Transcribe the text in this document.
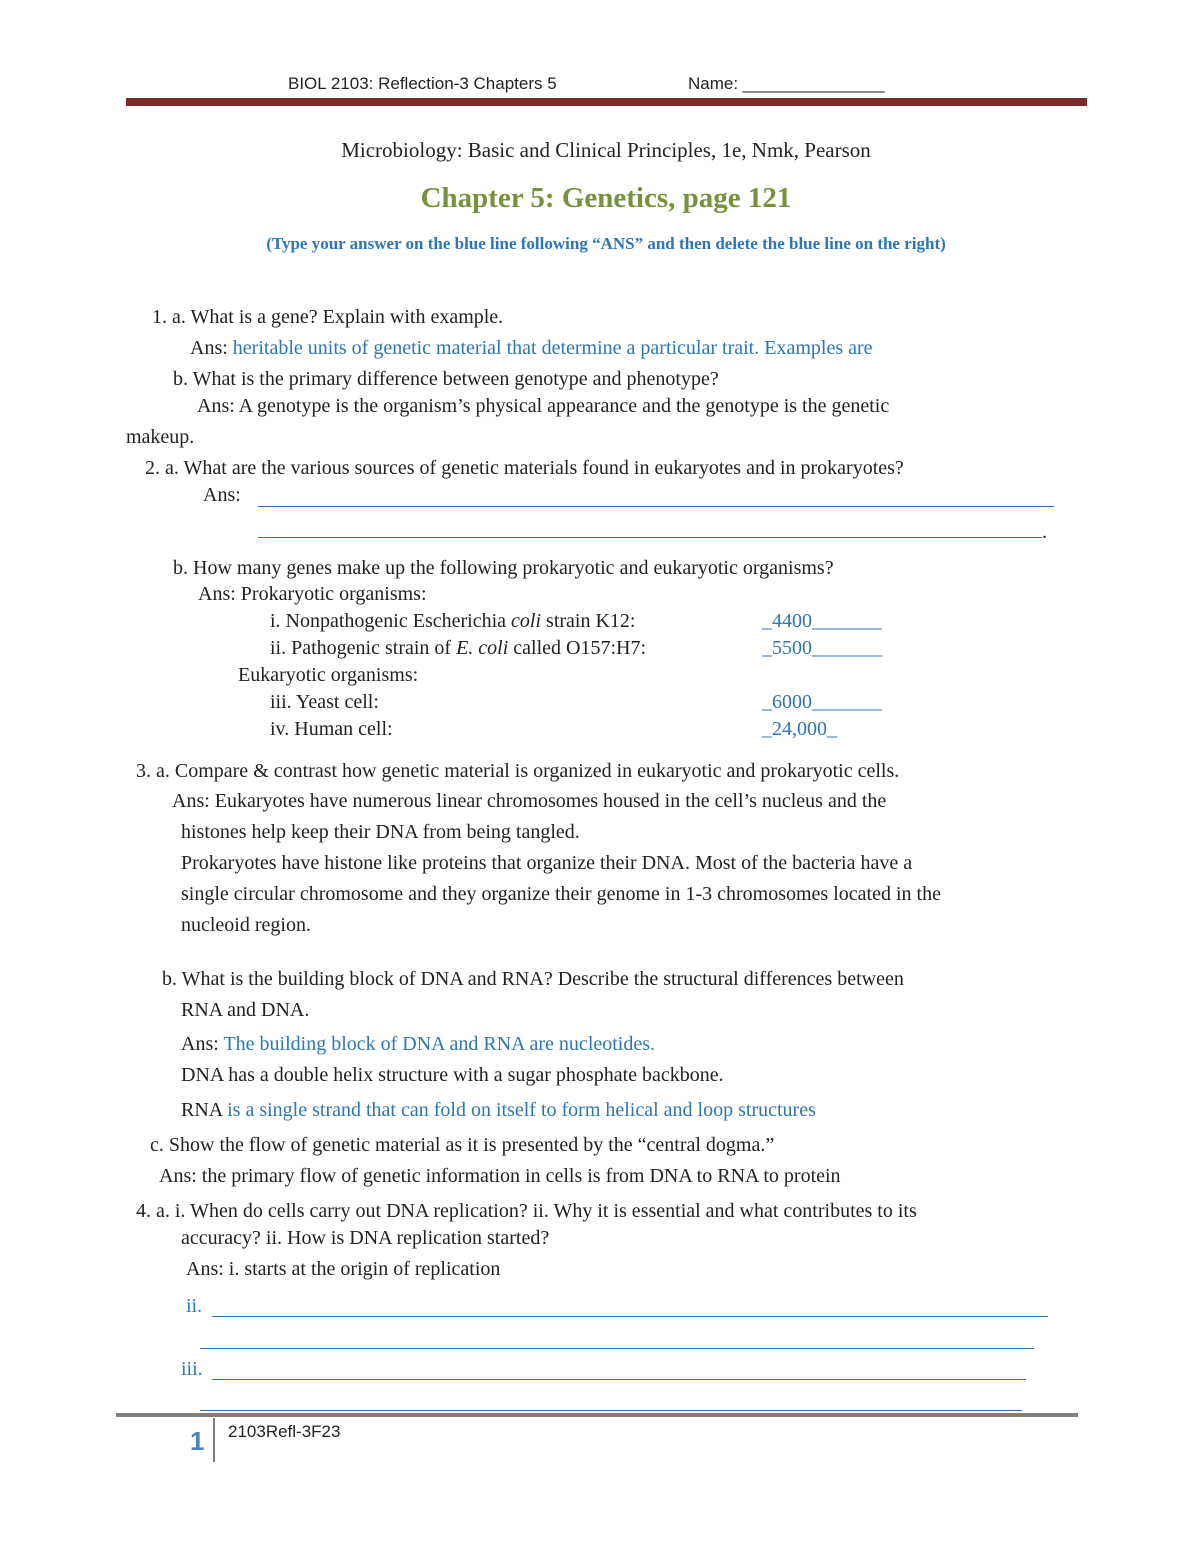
BIOL 2103: Reflection-3 Chapters 5	Name: _______________
Microbiology: Basic and Clinical Principles, 1e, Nmk, Pearson
Chapter 5: Genetics, page 121
(Type your answer on the blue line following “ANS” and then delete the blue line on the right)
1. a. What is a gene? Explain with example.
Ans: heritable units of genetic material that determine a particular trait. Examples are
b. What is the primary difference between genotype and phenotype?
Ans: A genotype is the organism’s physical appearance and the genotype is the genetic
makeup.
2. a. What are the various sources of genetic materials found in eukaryotes and in prokaryotes?
Ans:
.
b. How many genes make up the following prokaryotic and eukaryotic organisms?
Ans: Prokaryotic organisms:
i. Nonpathogenic Escherichia coli strain K12:	_4400_______
ii. Pathogenic strain of E. coli called O157:H7:	_5500_______
Eukaryotic organisms:
iii. Yeast cell:	_6000_______
iv. Human cell:	_24,000_
3. a. Compare & contrast how genetic material is organized in eukaryotic and prokaryotic cells.
Ans: Eukaryotes have numerous linear chromosomes housed in the cell’s nucleus and the
histones help keep their DNA from being tangled.
Prokaryotes have histone like proteins that organize their DNA. Most of the bacteria have a
single circular chromosome and they organize their genome in 1-3 chromosomes located in the
nucleoid region.
b. What is the building block of DNA and RNA? Describe the structural differences between
RNA and DNA.
Ans: The building block of DNA and RNA are nucleotides.
DNA has a double helix structure with a sugar phosphate backbone.
RNA is a single strand that can fold on itself to form helical and loop structures
c. Show the flow of genetic material as it is presented by the “central dogma.”
Ans: the primary flow of genetic information in cells is from DNA to RNA to protein
4. a. i. When do cells carry out DNA replication? ii. Why it is essential and what contributes to its
accuracy? ii. How is DNA replication started?
Ans: i. starts at the origin of replication
ii.
iii.
1 2103Refl-3F23
